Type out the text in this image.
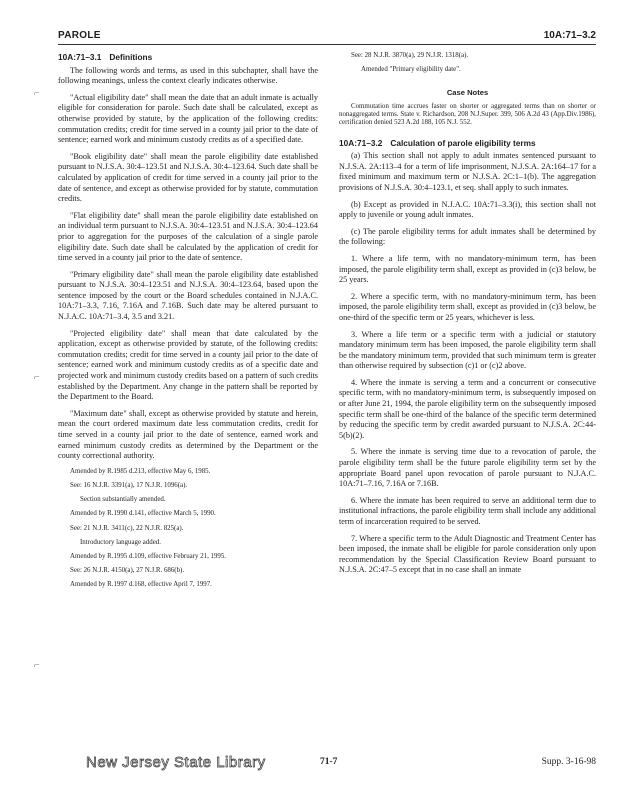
PAROLE	10A:71–3.2
⌐
⌐
⌐
10A:71–3.1 Definitions

The following words and terms, as used in this subchapter, shall have the following meanings, unless the context clearly indicates otherwise.

"Actual eligibility date" shall mean the date that an adult inmate is actually eligible for consideration for parole. Such date shall be calculated, except as otherwise provided by statute, by the application of the following credits: commutation credits; credit for time served in a county jail prior to the date of sentence; earned work and minimum custody credits as of a specified date.

"Book eligibility date" shall mean the parole eligibility date established pursuant to N.J.S.A. 30:4–123.51 and N.J.S.A. 30:4–123.64. Such date shall be calculated by application of credit for time served in a county jail prior to the date of sentence, and except as otherwise provided for by statute, commutation credits.

"Flat eligibility date" shall mean the parole eligibility date established on an individual term pursuant to N.J.S.A. 30:4–123.51 and N.J.S.A. 30:4–123.64 prior to aggregation for the purposes of the calculation of a single parole eligibility date. Such date shall be calculated by the application of credit for time served in a county jail prior to the date of sentence.

"Primary eligibility date" shall mean the parole eligibility date established pursuant to N.J.S.A. 30:4–123.51 and N.J.S.A. 30:4–123.64, based upon the sentence imposed by the court or the Board schedules contained in N.J.A.C. 10A:71–3.3, 7.16, 7.16A and 7.16B. Such date may be altered pursuant to N.J.A.C. 10A:71–3.4, 3.5 and 3.21.

"Projected eligibility date" shall mean that date calculated by the application, except as otherwise provided by statute, of the following credits: commutation credits; credit for time served in a county jail prior to the date of sentence; earned work and minimum custody credits as of a specific date and projected work and minimum custody credits based on a pattern of such credits established by the Department. Any change in the pattern shall be reported by the Department to the Board.

"Maximum date" shall, except as otherwise provided by statute and herein, mean the court ordered maximum date less commutation credits, credit for time served in a county jail prior to the date of sentence, earned work and earned minimum custody credits as determined by the Department or the county correctional authority.

Amended by R.1985 d.213, effective May 6, 1985.

See: 16 N.J.R. 3391(a), 17 N.J.R. 1096(a).

Section substantially amended.

Amended by R.1990 d.141, effective March 5, 1990.

See: 21 N.J.R. 3411(c), 22 N.J.R. 825(a).

Introductory language added.

Amended by R.1995 d.109, effective February 21, 1995.

See: 26 N.J.R. 4150(a), 27 N.J.R. 686(b).

Amended by R.1997 d.168, effective April 7, 1997.

See: 28 N.J.R. 3870(a), 29 N.J.R. 1318(a).

Amended "Primary eligibility date".

Case Notes

Commutation time accrues faster on shorter or aggregated terms than on shorter or nonaggregated terms. State v. Richardson, 208 N.J.Super. 399, 506 A.2d 43 (App.Div.1986), certification denied 523 A.2d 188, 105 N.J. 552.

10A:71–3.2 Calculation of parole eligibility terms

(a) This section shall not apply to adult inmates sentenced pursuant to N.J.S.A. 2A:113–4 for a term of life imprisonment, N.J.S.A. 2A:164–17 for a fixed minimum and maximum term or N.J.S.A. 2C:1–1(b). The aggregation provisions of N.J.S.A. 30:4–123.1, et seq. shall apply to such inmates.

(b) Except as provided in N.J.A.C. 10A:71–3.3(i), this section shall not apply to juvenile or young adult inmates.

(c) The parole eligibility terms for adult inmates shall be determined by the following:

1. Where a life term, with no mandatory-minimum term, has been imposed, the parole eligibility term shall, except as provided in (c)3 below, be 25 years.

2. Where a specific term, with no mandatory-minimum term, has been imposed, the parole eligibility term shall, except as provided in (c)3 below, be one-third of the specific term or 25 years, whichever is less.

3. Where a life term or a specific term with a judicial or statutory mandatory minimum term has been imposed, the parole eligibility term shall be the mandatory minimum term, provided that such minimum term is greater than otherwise required by subsection (c)1 or (c)2 above.

4. Where the inmate is serving a term and a concurrent or consecutive specific term, with no mandatory-minimum term, is subsequently imposed on or after June 21, 1994, the parole eligibility term on the subsequently imposed specific term shall be one-third of the balance of the specific term determined by reducing the specific term by credit awarded pursuant to N.J.S.A. 2C:44-5(b)(2).

5. Where the inmate is serving time due to a revocation of parole, the parole eligibility term shall be the future parole eligibility term set by the appropriate Board panel upon revocation of parole pursuant to N.J.A.C. 10A:71–7.16, 7.16A or 7.16B.

6. Where the inmate has been required to serve an additional term due to institutional infractions, the parole eligibility term shall include any additional term of incarceration required to be served.

7. Where a specific term to the Adult Diagnostic and Treatment Center has been imposed, the inmate shall be eligible for parole consideration only upon recommendation by the Special Classification Review Board pursuant to N.J.S.A. 2C:47–5 except that in no case shall an inmate

New Jersey State Library	71-7	Supp. 3-16-98
